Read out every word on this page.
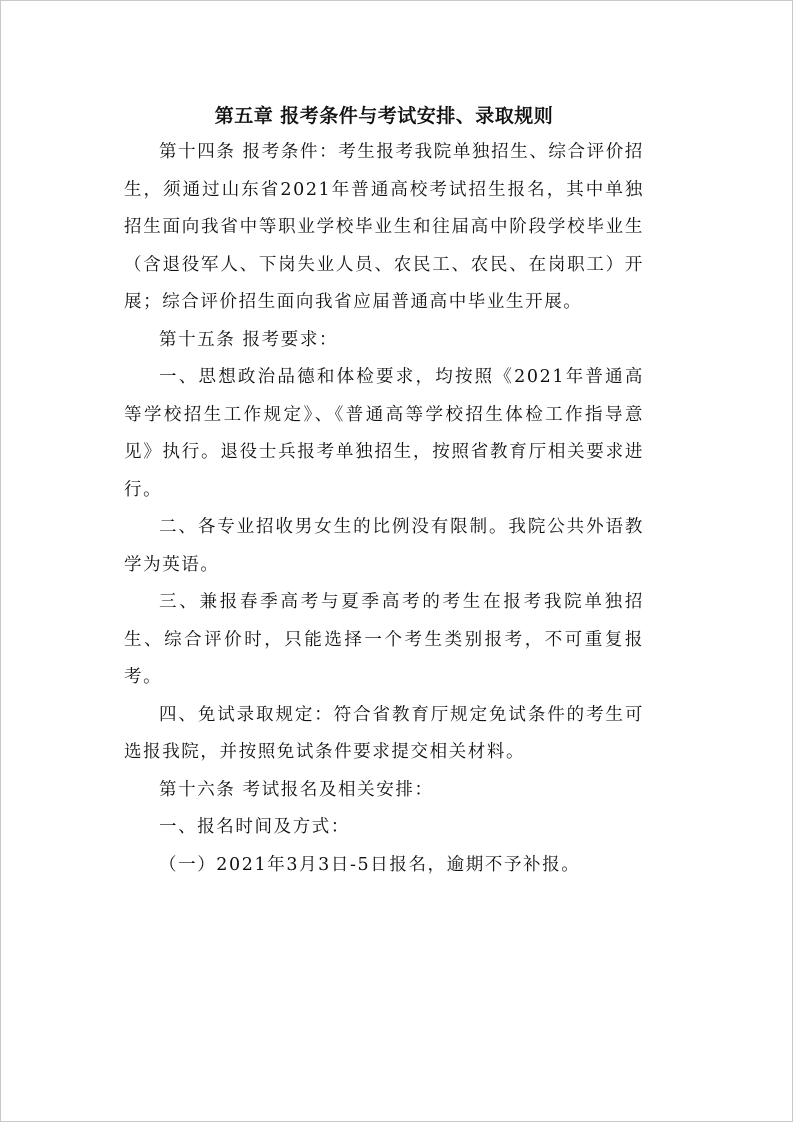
第五章 报考条件与考试安排、录取规则

第十四条 报考条件：考生报考我院单独招生、综合评价招生，须通过山东省2021年普通高校考试招生报名，其中单独招生面向我省中等职业学校毕业生和往届高中阶段学校毕业生（含退役军人、下岗失业人员、农民工、农民、在岗职工）开展；综合评价招生面向我省应届普通高中毕业生开展。

第十五条 报考要求：

一、思想政治品德和体检要求，均按照《2021年普通高等学校招生工作规定》、《普通高等学校招生体检工作指导意见》执行。退役士兵报考单独招生，按照省教育厅相关要求进行。

二、各专业招收男女生的比例没有限制。我院公共外语教学为英语。

三、兼报春季高考与夏季高考的考生在报考我院单独招生、综合评价时，只能选择一个考生类别报考，不可重复报考。

四、免试录取规定：符合省教育厅规定免试条件的考生可选报我院，并按照免试条件要求提交相关材料。

第十六条 考试报名及相关安排：

一、报名时间及方式：

（一）2021年3月3日-5日报名，逾期不予补报。
